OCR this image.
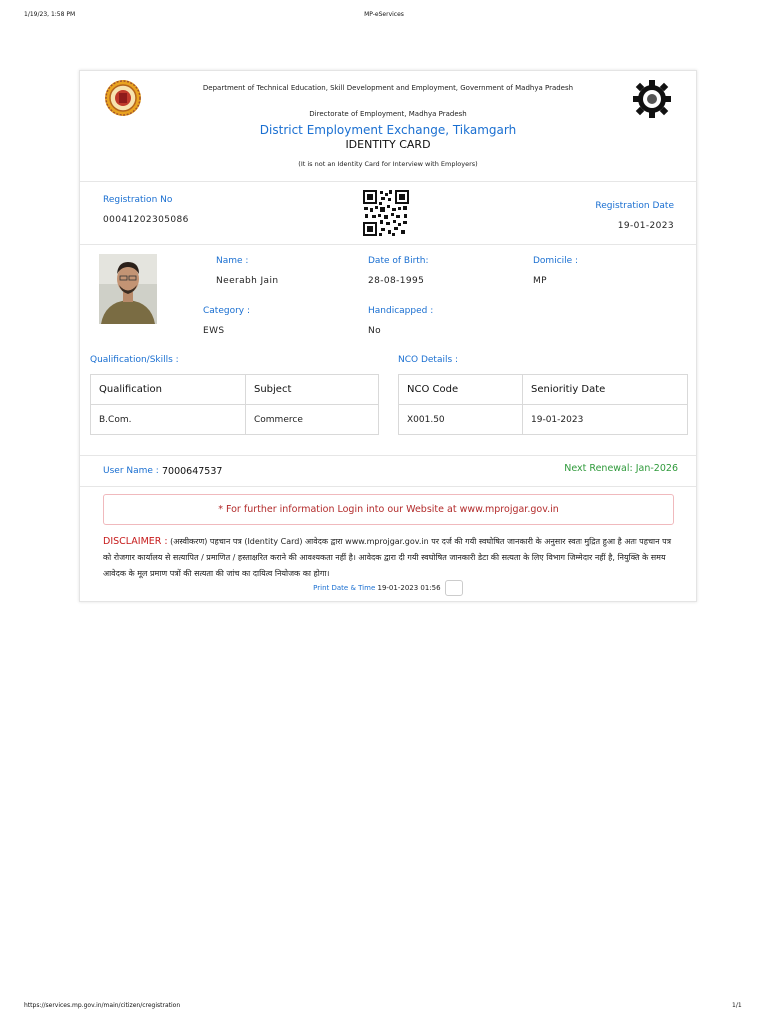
1/19/23, 1:58 PM	MP-eServices
Department of Technical Education, Skill Development and Employment, Government of Madhya Pradesh
Directorate of Employment, Madhya Pradesh
District Employment Exchange, Tikamgarh
IDENTITY CARD
(It is not an Identity Card for Interview with Employers)
Registration No
00041202305086
Registration Date
19-01-2023
Name :
Neerabh Jain
Date of Birth:
28-08-1995
Domicile :
MP
Category :
EWS
Handicapped :
No
Qualification/Skills :	NCO Details :
Qualification	Subject
B.Com.	Commerce
NCO Code	Senioritiy Date
X001.50	19-01-2023
User Name : 7000647537	Next Renewal: Jan-2026
* For further information Login into our Website at www.mprojgar.gov.in
DISCLAIMER : (अस्वीकरण) पहचान पत्र (Identity Card) आवेदक द्वारा www.mprojgar.gov.in पर दर्ज की गयी स्वघोषित जानकारी के अनुसार स्वतः मुद्रित हुआ है अतः पहचान पत्र को रोजगार कार्यालय से सत्यापित / प्रमाणित / हस्ताक्षरित कराने की आवश्यकता नहीं है। आवेदक द्वारा दी गयी स्वघोषित जानकारी डेटा की सत्यता के लिए विभाग जिम्मेदार नहीं है, नियुक्ति के समय आवेदक के मूल प्रमाण पत्रों की सत्यता की जांच का दायित्व नियोजक का होगा।
Print Date & Time 19-01-2023 01:56
https://services.mp.gov.in/main/citizen/cregistration	1/1
